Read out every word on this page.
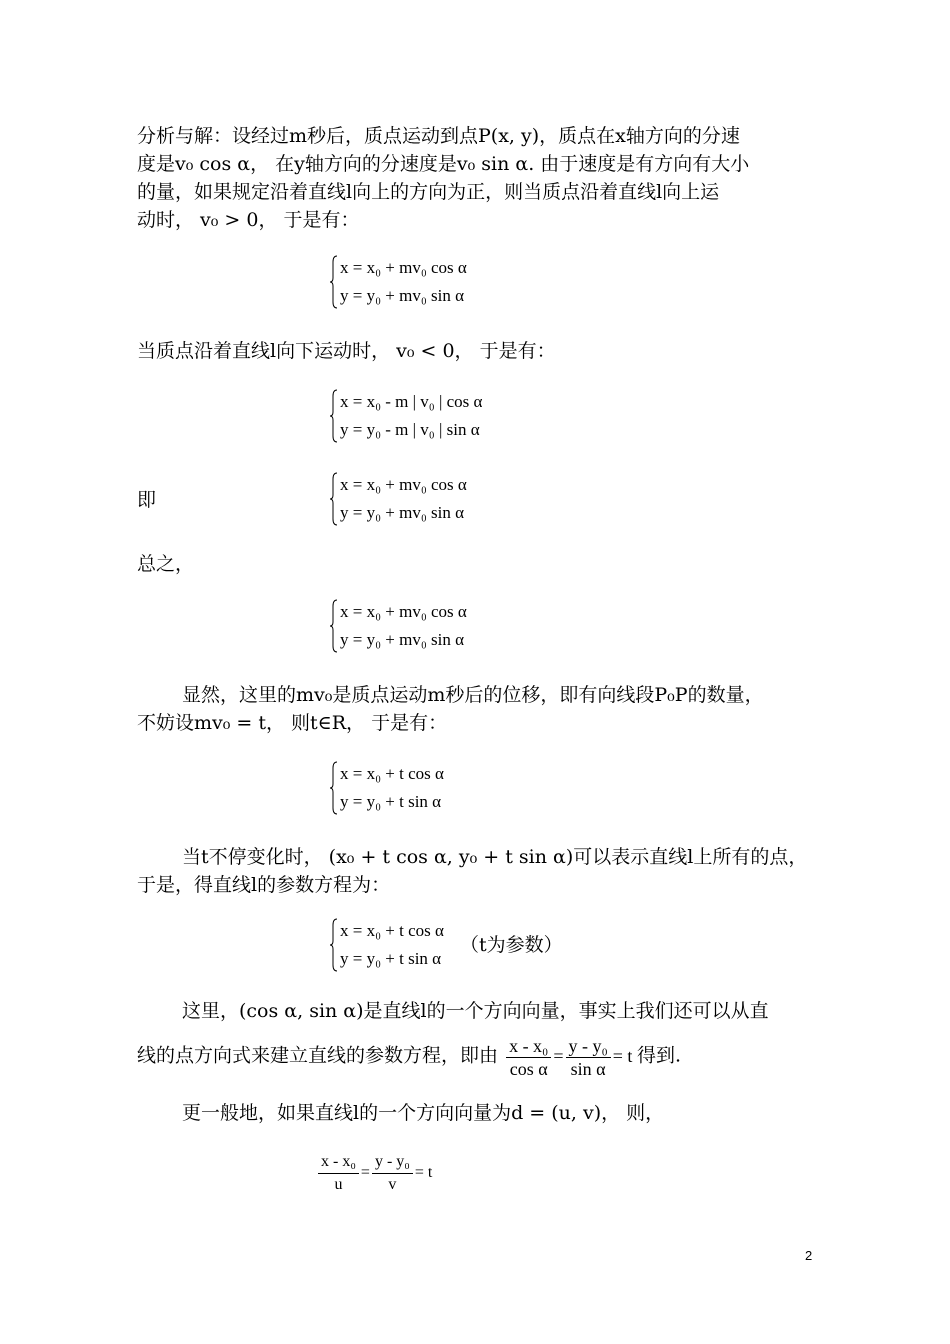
分析与解：设经过m秒后，质点运动到点P(x, y)，质点在x轴方向的分速
度是v₀ cos α， 在y轴方向的分速度是v₀ sin α. 由于速度是有方向有大小
的量，如果规定沿着直线l向上的方向为正，则当质点沿着直线l向上运
动时， v₀ > 0， 于是有：
x = x₀ + mv₀ cos α
y = y₀ + mv₀ sin α
当质点沿着直线l向下运动时， v₀ < 0， 于是有：
x = x₀ - m | v₀ | cos α
y = y₀ - m | v₀ | sin α
即
x = x₀ + mv₀ cos α
y = y₀ + mv₀ sin α
总之，
x = x₀ + mv₀ cos α
y = y₀ + mv₀ sin α
显然，这里的mv₀是质点运动m秒后的位移，即有向线段P₀P的数量，
不妨设mv₀ = t， 则t∈R， 于是有：
x = x₀ + t cos α
y = y₀ + t sin α
当t不停变化时， (x₀ + t cos α, y₀ + t sin α)可以表示直线l上所有的点，
于是，得直线l的参数方程为：
x = x₀ + t cos α
y = y₀ + t sin α
（t为参数）
这里，(cos α, sin α)是直线l的一个方向向量，事实上我们还可以从直
线的点方向式来建立直线的参数方程，即由 $\frac{\text{x - x₀}}{\text{cos α}} = \frac{\text{y - y₀}}{\text{sin α}} = t$ 得到.
更一般地，如果直线l的一个方向向量为d = (u, v)， 则，
$\frac{\text{x - x₀}}{u} = \frac{\text{y - y₀}}{v} = t$
2
